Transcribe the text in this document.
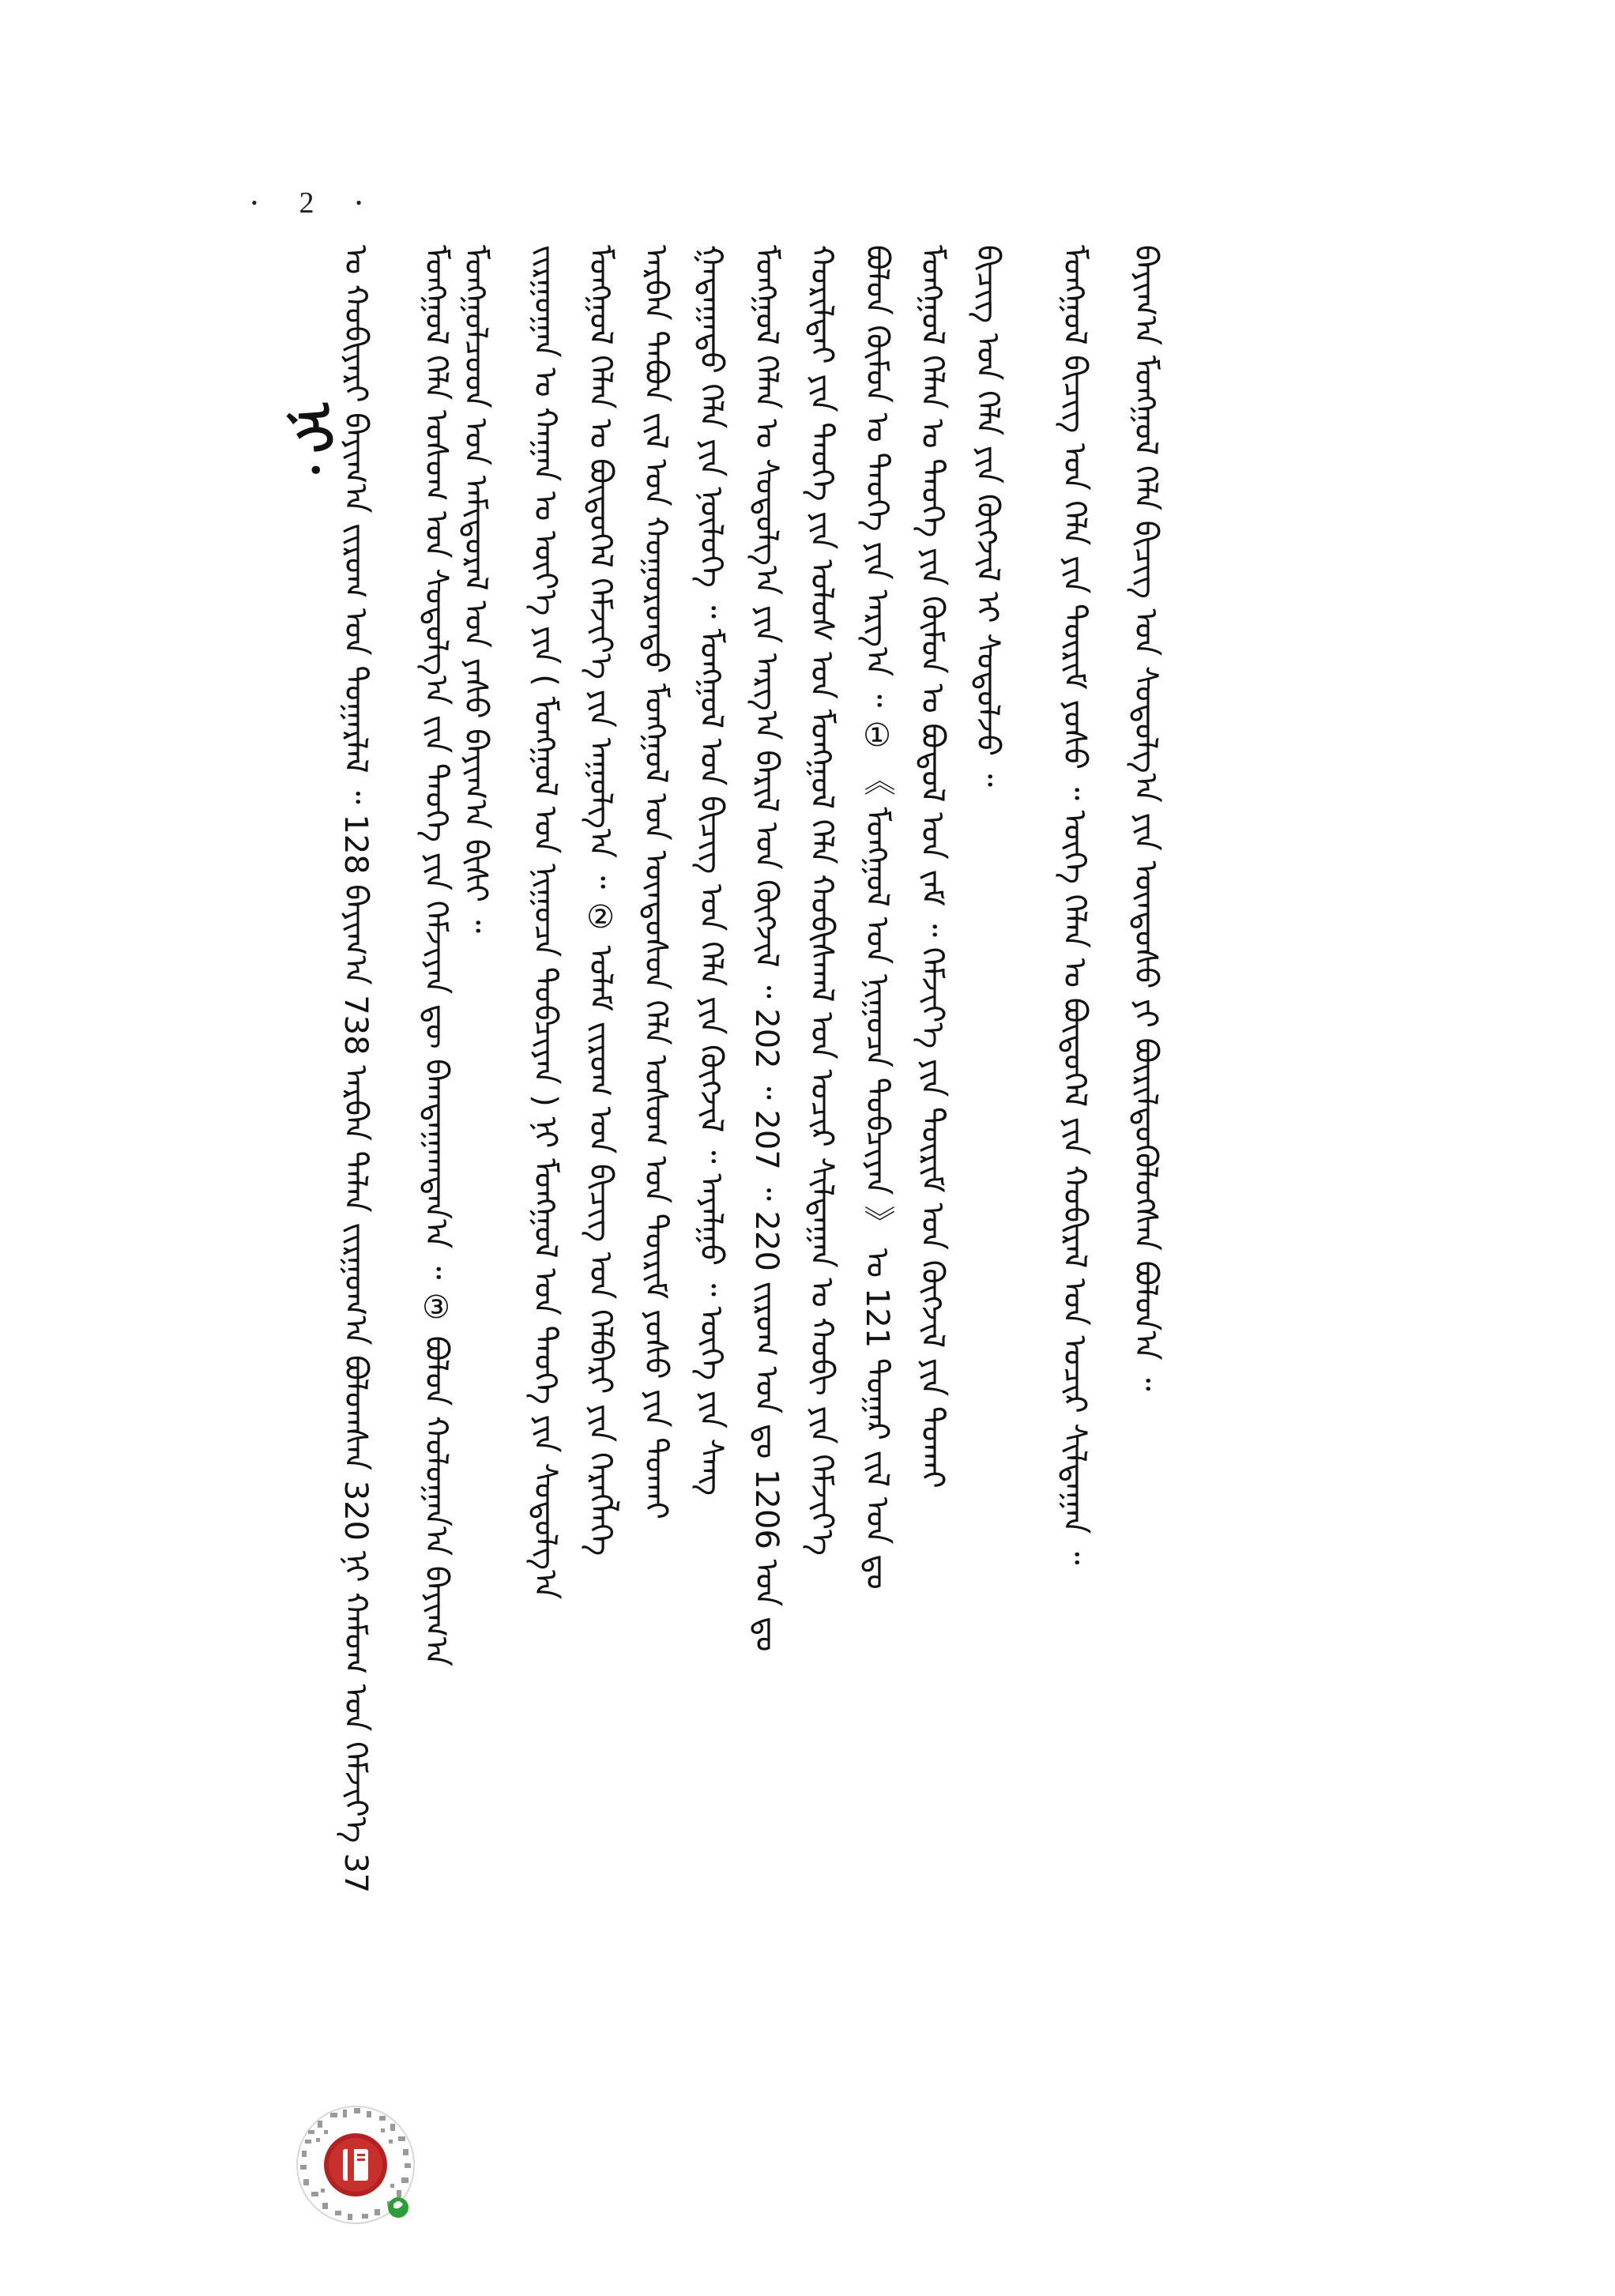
• 2 •
ᠨᠢ᠂
ᠤ ᠬᠤᠪᠢᠶᠠᠷᠢ ᠪᠠᠶᠢᠭ᠎ᠠ ᠵᠢᠷᠤᠭ ᠤᠨ ᠳᠤᠭᠠᠷᠯᠠᠯ ᠃ 128 ᠪᠠᠶᠢᠭ᠎ᠠ 738 ᠠᠷᠪᠠᠨ ᠳᠠᠯᠠᠨ ᠵᠢᠷᠭᠤᠭ᠎ᠠ ᠪᠣᠯᠤᠭᠰᠠᠨ 320 ᠨᠢ ᠬᠠᠮᠤᠭ ᠤᠨ ᠬᠡᠮᠵᠢᠶ᠎ᠡ 37 ᠮᠣᠩᠭᠣᠯ ᠬᠡᠯᠡ ᠤᠰᠤᠭ ᠤᠨ ᠰᠤᠳᠤᠯᠭ᠎ᠠ ᠵᠢᠨ ᠲᠡᠦᠬᠡ ᠶᠢᠨ ᠬᠡᠮᠵᠢᠶᠡᠨ ᠳᠦ ᠪᠠᠭᠲᠠᠭᠠᠭᠳᠠᠨ᠎ᠠ ᠃ ③ ᠪᠤᠯᠤᠨ ᠬᠤᠯᠤᠭᠠᠨ᠎ᠠ ᠪᠠᠶᠢᠭ᠎ᠠ ᠮᠣᠩᠭᠣᠯᠴᠤᠳ ᠤᠨ ᠠᠮᠢᠳᠤᠷᠠᠯ ᠤᠨ ᠶᠠᠰᠤ ᠪᠠᠶᠢᠭ᠎ᠠ ᠪᠢᠰᠢ ᠃ ᠵᠢᠷᠭᠤᠭᠠᠨ ᠤ ᠬᠠᠭᠠᠨ ᠤ ᠦᠶ᠎ᠡ ᠶᠢᠨ ( ᠮᠣᠩᠭᠣᠯ ᠤᠨ ᠨᠢᠭᠤᠴᠠ ᠲᠣᠪᠴᠢᠶᠠᠨ ) ᠨᠢ ᠮᠣᠩᠭᠣᠯ ᠤᠨ ᠲᠡᠦᠬᠡ ᠶᠢᠨ ᠰᠤᠳᠤᠯᠭ᠎ᠠ ᠮᠣᠩᠭᠣᠯ ᠬᠡᠯᠡᠨ ᠤ ᠪᠦᠲᠦᠭᠡᠯ ᠬᠡᠮᠵᠢᠶ᠎ᠡ ᠶᠢᠨ ᠠᠭᠤᠯᠭ᠎ᠠ ᠃ ② ᠤᠯᠠᠮ ᠵᠢᠷᠤᠭ ᠤᠨ ᠪᠢᠴᠢᠭ ᠤᠨ ᠬᠡᠯᠪᠡᠷᠢ ᠶᠢᠨ ᠬᠡᠷᠡᠭᠯᠡᠭᠡ ᠠᠷᠪᠠᠨ ᠲᠠᠪᠤᠨ ᠵᠢᠯ ᠤᠨ ᠬᠤᠭᠤᠷᠤᠨᠳᠤ ᠮᠣᠩᠭᠣᠯ ᠤᠨ ᠦᠨᠳᠦᠰᠦᠨ ᠬᠡᠯᠡ ᠤᠰᠤᠭ ᠤᠨ ᠳᠦᠷᠢᠮ ᠶᠣᠰᠤ ᠶᠢᠨ ᠲᠤᠬᠠᠢ ᠭᠠᠳᠠᠭᠠᠳᠤ ᠬᠡᠯᠡ ᠶᠢᠨ ᠨᠥᠯᠦᠭᠡ ᠃ ᠮᠣᠩᠭᠣᠯ ᠤᠨ ᠪᠢᠴᠢᠭ ᠤᠨ ᠬᠡᠯᠡ ᠶᠢᠨ ᠬᠥᠭᠵᠢᠯ ᠃ ᠠᠶᠠᠯᠭᠤ ᠃ ᠦᠭᠡ ᠶᠢᠨ ᠰᠠᠩ ᠮᠣᠩᠭᠣᠯ ᠬᠡᠯᠡᠨ ᠤ ᠰᠤᠳᠤᠯᠭ᠎ᠠ ᠶᠢᠨ ᠠᠷᠭ᠎ᠠ ᠪᠠᠷᠢᠯ ᠤᠨ ᠬᠥᠭᠵᠢᠯ ᠃ 202 ᠃ 207 ᠃ 220 ᠵᠢᠷᠤᠭ ᠤᠨ ᠳᠤ 1206 ᠤᠨ ᠳᠤ ᠬᠤᠷᠢᠯᠳᠠᠢ ᠶᠢᠨ ᠲᠡᠦᠬᠡ ᠶᠢᠨ ᠤᠯᠤᠰ ᠤᠨ ᠮᠣᠩᠭᠣᠯ ᠬᠡᠯᠡ ᠬᠤᠪᠢᠰᠬᠠᠯ ᠤᠨ ᠤᠴᠢᠷ ᠰᠢᠯᠳᠠᠭᠠᠨ ᠤ ᠬᠤᠪᠢ ᠶᠢᠨ ᠬᠡᠮᠵᠢᠶ᠎ᠡ ᠪᠣᠯᠤᠨ ᠬᠦᠮᠦᠨ ᠤ ᠲᠡᠦᠬᠡ ᠶᠢᠨ ᠠᠷᠭ᠎ᠠ ᠃ ① 《 ᠮᠣᠩᠭᠣᠯ ᠤᠨ ᠨᠢᠭᠤᠴᠠ ᠲᠣᠪᠴᠢᠶᠠᠨ 》 ᠤ 121 ᠳᠤᠭᠠᠷ ᠵᠢᠯ ᠤᠨ ᠳᠤ ᠮᠣᠩᠭᠣᠯ ᠬᠡᠯᠡᠨ ᠤ ᠲᠡᠦᠬᠡ ᠶᠢᠨ ᠬᠦᠮᠦᠨ ᠤ ᠪᠣᠳᠤᠯ ᠤᠨ ᠵᠠᠮ ᠃ ᠬᠡᠮᠵᠢᠶ᠎ᠡ ᠶᠢᠨ ᠳᠦᠷᠢᠮ ᠤᠨ ᠬᠥᠭᠵᠢᠯ ᠶᠢᠨ ᠲᠤᠬᠠᠢ ᠪᠢᠴᠢᠭ ᠤᠨ ᠬᠡᠯᠡ ᠶᠢᠨ ᠬᠥᠭᠵᠢᠯ ᠢ ᠰᠤᠳᠤᠯᠵᠤ ᠃ ᠮᠣᠩᠭᠣᠯ ᠪᠢᠴᠢᠭ ᠤᠨ ᠬᠡᠯᠡ ᠶᠢᠨ ᠳᠦᠷᠢᠮ ᠶᠣᠰᠤ ᠃ ᠦᠭᠡ ᠬᠡᠯᠡᠨ ᠤ ᠪᠦᠲᠦᠭᠡᠯ ᠶᠢᠨ ᠬᠤᠪᠢᠷᠠᠯ ᠤᠨ ᠤᠴᠢᠷ ᠰᠢᠯᠳᠠᠭᠠᠨ ᠃ ᠪᠠᠶᠢᠭ᠎ᠠ ᠮᠣᠩᠭᠣᠯ ᠬᠡᠯᠡ ᠪᠢᠴᠢᠭ ᠤᠨ ᠰᠤᠳᠤᠯᠭ᠎ᠠ ᠶᠢᠨ ᠦᠨᠳᠦᠰᠦ ᠶᠢ ᠪᠦᠷᠢᠯᠳᠦᠭᠦᠯᠦᠭᠰᠡᠨ ᠪᠣᠯᠤᠨ᠎ᠠ ᠃
